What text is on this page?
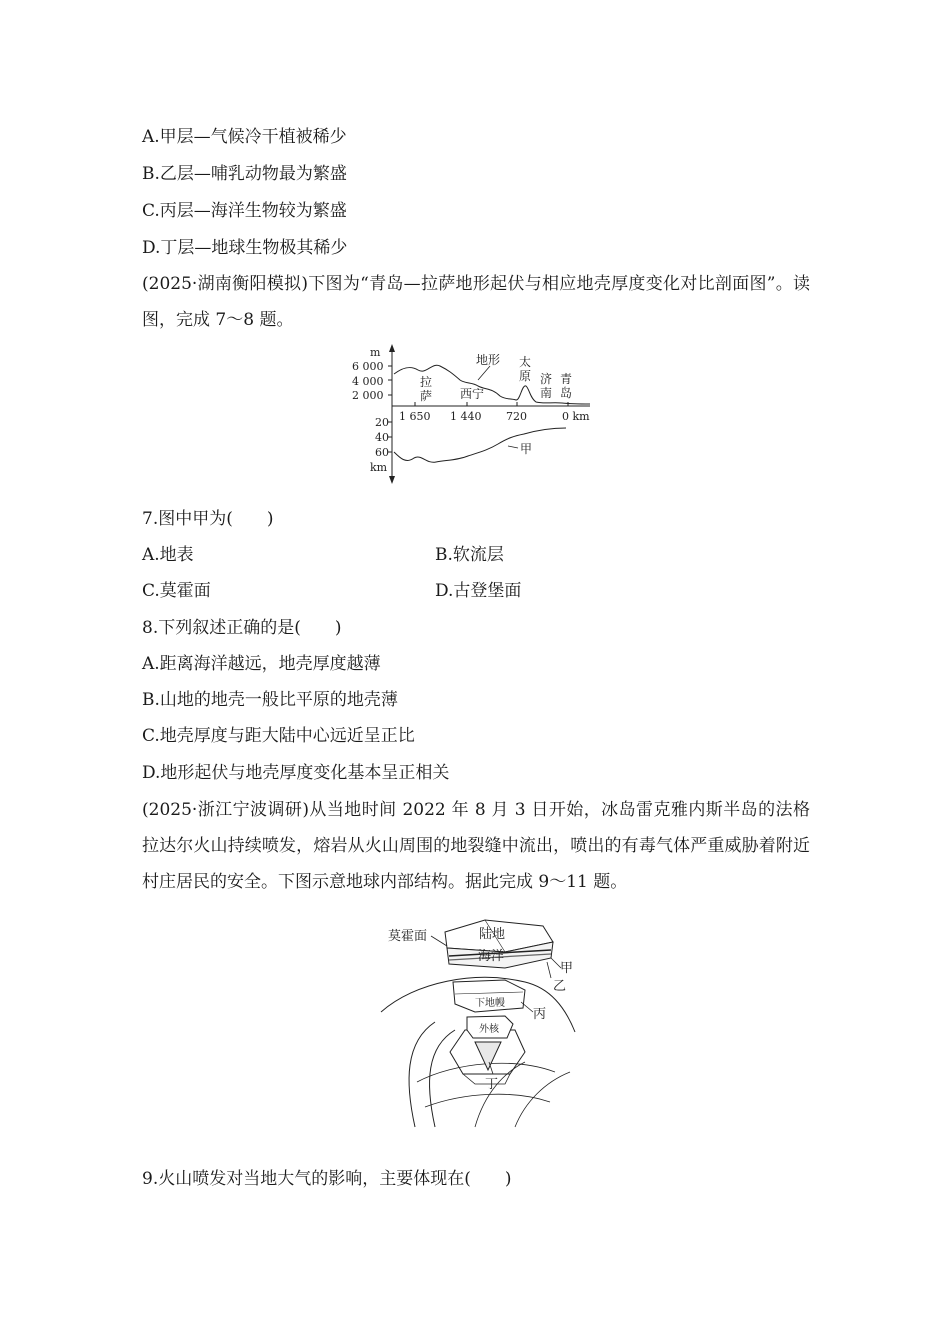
A.甲层—气候冷干植被稀少
B.乙层—哺乳动物最为繁盛
C.丙层—海洋生物较为繁盛
D.丁层—地球生物极其稀少
(2025·湖南衡阳模拟)下图为“青岛—拉萨地形起伏与相应地壳厚度变化对比剖面图”。读图，完成 7～8 题。
m
6 000
4 000
2 000
20
40
60
km
1 650 1 440 720	0 km
拉
萨 西宁
地形 太
原 济
南
青
岛
甲
7.图中甲为(　　)
A.地表	B.软流层
C.莫霍面	D.古登堡面
8.下列叙述正确的是(　　)
A.距离海洋越远，地壳厚度越薄
B.山地的地壳一般比平原的地壳薄
C.地壳厚度与距大陆中心远近呈正比
D.地形起伏与地壳厚度变化基本呈正相关
(2025·浙江宁波调研)从当地时间 2022 年 8 月 3 日开始，冰岛雷克雅内斯半岛的法格拉达尔火山持续喷发，熔岩从火山周围的地裂缝中流出，喷出的有毒气体严重威胁着附近村庄居民的安全。下图示意地球内部结构。据此完成 9～11 题。
莫霍面	陆地
海洋
甲
乙
下地幔
丙
外核
丁
9.火山喷发对当地大气的影响，主要体现在(　　)
